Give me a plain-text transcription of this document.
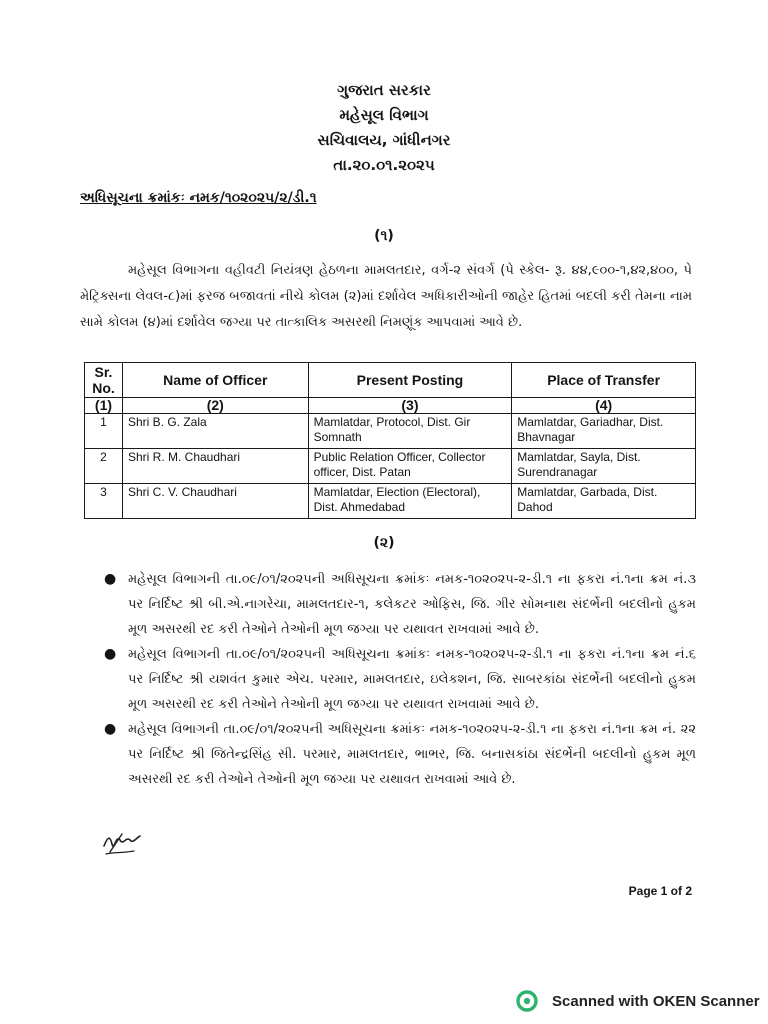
ગુજરાત સરકાર
મહેસૂલ વિભાગ
સચિવાલય, ગાંધીનગર
તા.૨૦.૦૧.૨૦૨૫
અધિસૂચના ક્રમાંકઃ નમક/૧૦૨૦૨૫/૨/ડી.૧
(૧)
મહેસૂલ વિભાગના વહીવટી નિયંત્રણ હેઠળના મામલતદાર, વર્ગ-૨ સંવર્ગ (પે સ્કેલ- રૂ. ૪૪,૯૦૦-૧,૪૨,૪૦૦, પે મેટ્રિક્સના લેવલ-૮)માં ફરજ બજાવતાં નીચે કોલમ (૨)માં દર્શાવેલ અધિકારીઓની જાહેર હિતમાં બદલી કરી તેમના નામ સામે કોલમ (૪)માં દર્શાવેલ જગ્યા પર તાત્કાલિક અસરથી નિમણૂંક આપવામાં આવે છે.
Sr. No.	Name of Officer	Present Posting	Place of Transfer
(1)	(2)	(3)	(4)
1	Shri B. G. Zala	Mamlatdar, Protocol, Dist. Gir Somnath	Mamlatdar, Gariadhar, Dist. Bhavnagar
2	Shri R. M. Chaudhari	Public Relation Officer, Collector officer, Dist. Patan	Mamlatdar, Sayla, Dist. Surendranagar
3	Shri C. V. Chaudhari	Mamlatdar, Election (Electoral), Dist. Ahmedabad	Mamlatdar, Garbada, Dist. Dahod
(૨)
● મહેસૂલ વિભાગની તા.૦૯/૦૧/૨૦૨૫ની અધિસૂચના ક્રમાંકઃ નમક-૧૦૨૦૨૫-૨-ડી.૧ ના ફકરા નં.૧ના ક્રમ નં.૩ પર નિર્દિષ્ટ શ્રી બી.એ.નાગરેચા, મામલતદાર-૧, કલેકટર ઓફિસ, જિ. ગીર સોમનાથ સંદર્ભેની બદલીનો હુકમ મૂળ અસરથી રદ કરી તેઓને તેઓની મૂળ જગ્યા પર યથાવત રાખવામાં આવે છે.
● મહેસૂલ વિભાગની તા.૦૯/૦૧/૨૦૨૫ની અધિસૂચના ક્રમાંકઃ નમક-૧૦૨૦૨૫-૨-ડી.૧ ના ફકરા નં.૧ના ક્રમ નં.૬ પર નિર્દિષ્ટ શ્રી યશવંત કુમાર એચ. પરમાર, મામલતદાર, ઇલેકશન, જિ. સાબરકાંઠા સંદર્ભેની બદલીનો હુકમ મૂળ અસરથી રદ કરી તેઓને તેઓની મૂળ જગ્યા પર યથાવત રાખવામાં આવે છે.
● મહેસૂલ વિભાગની તા.૦૯/૦૧/૨૦૨૫ની અધિસૂચના ક્રમાંકઃ નમક-૧૦૨૦૨૫-૨-ડી.૧ ના ફકરા નં.૧ના ક્રમ નં. ૨૨ પર નિર્દિષ્ટ શ્રી જિતેન્દ્રસિંહ સી. પરમાર, મામલતદાર, ભાભર, જિ. બનાસકાંઠા સંદર્ભેની બદલીનો હુકમ મૂળ અસરથી રદ કરી તેઓને તેઓની મૂળ જગ્યા પર યથાવત રાખવામાં આવે છે.
Page 1 of 2
Scanned with OKEN Scanner
